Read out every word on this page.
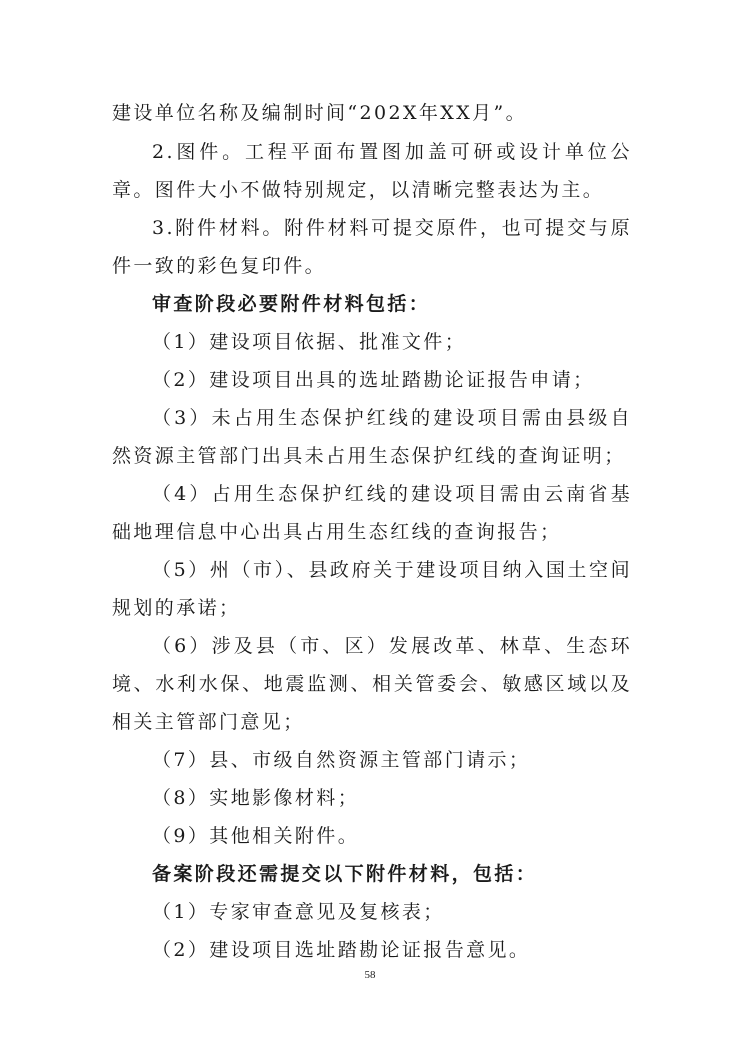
建设单位名称及编制时间“202X年XX月”。

2.图件。工程平面布置图加盖可研或设计单位公章。图件大小不做特别规定，以清晰完整表达为主。

3.附件材料。附件材料可提交原件，也可提交与原件一致的彩色复印件。

审查阶段必要附件材料包括：

（1）建设项目依据、批准文件；

（2）建设项目出具的选址踏勘论证报告申请；

（3）未占用生态保护红线的建设项目需由县级自然资源主管部门出具未占用生态保护红线的查询证明；

（4）占用生态保护红线的建设项目需由云南省基础地理信息中心出具占用生态红线的查询报告；

（5）州（市）、县政府关于建设项目纳入国土空间规划的承诺；

（6）涉及县（市、区）发展改革、林草、生态环境、水利水保、地震监测、相关管委会、敏感区域以及相关主管部门意见；

（7）县、市级自然资源主管部门请示；

（8）实地影像材料；

（9）其他相关附件。

备案阶段还需提交以下附件材料，包括：

（1）专家审查意见及复核表；

（2）建设项目选址踏勘论证报告意见。

58
